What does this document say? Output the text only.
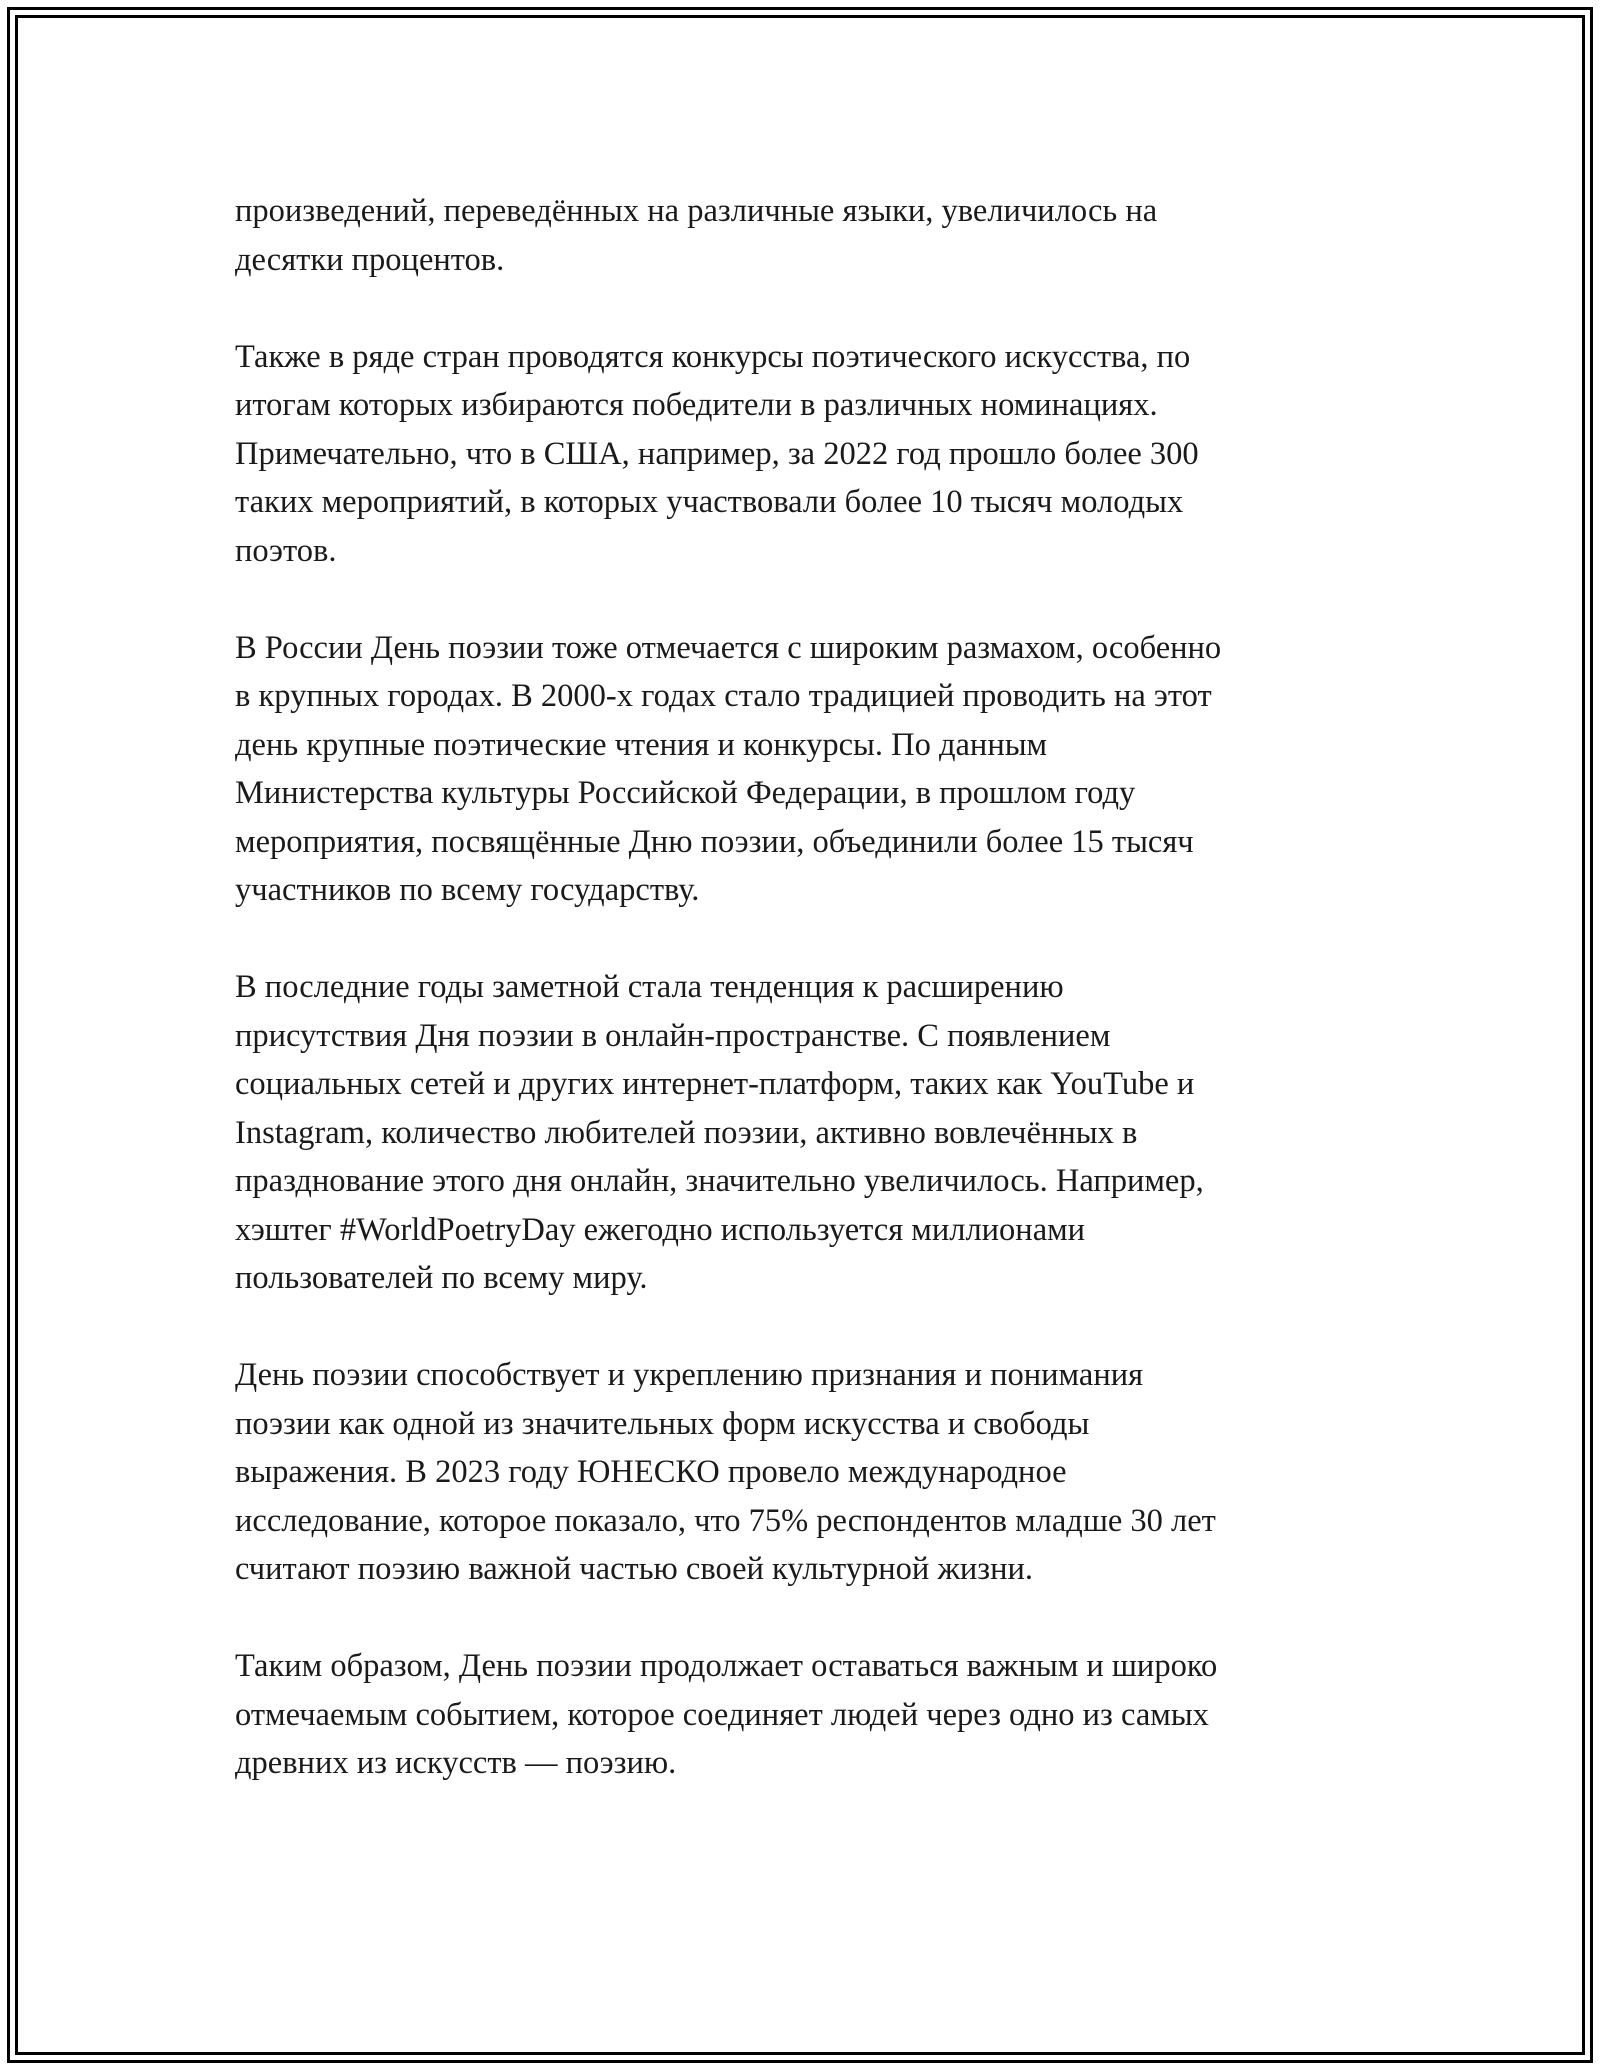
произведений, переведённых на различные языки, увеличилось на
десятки процентов.

Также в ряде стран проводятся конкурсы поэтического искусства, по
итогам которых избираются победители в различных номинациях.
Примечательно, что в США, например, за 2022 год прошло более 300
таких мероприятий, в которых участвовали более 10 тысяч молодых
поэтов.

В России День поэзии тоже отмечается с широким размахом, особенно
в крупных городах. В 2000-х годах стало традицией проводить на этот
день крупные поэтические чтения и конкурсы. По данным
Министерства культуры Российской Федерации, в прошлом году
мероприятия, посвящённые Дню поэзии, объединили более 15 тысяч
участников по всему государству.

В последние годы заметной стала тенденция к расширению
присутствия Дня поэзии в онлайн-пространстве. С появлением
социальных сетей и других интернет-платформ, таких как YouTube и
Instagram, количество любителей поэзии, активно вовлечённых в
празднование этого дня онлайн, значительно увеличилось. Например,
хэштег #WorldPoetryDay ежегодно используется миллионами
пользователей по всему миру.

День поэзии способствует и укреплению признания и понимания
поэзии как одной из значительных форм искусства и свободы
выражения. В 2023 году ЮНЕСКО провело международное
исследование, которое показало, что 75% респондентов младше 30 лет
считают поэзию важной частью своей культурной жизни.

Таким образом, День поэзии продолжает оставаться важным и широко
отмечаемым событием, которое соединяет людей через одно из самых
древних из искусств — поэзию.
